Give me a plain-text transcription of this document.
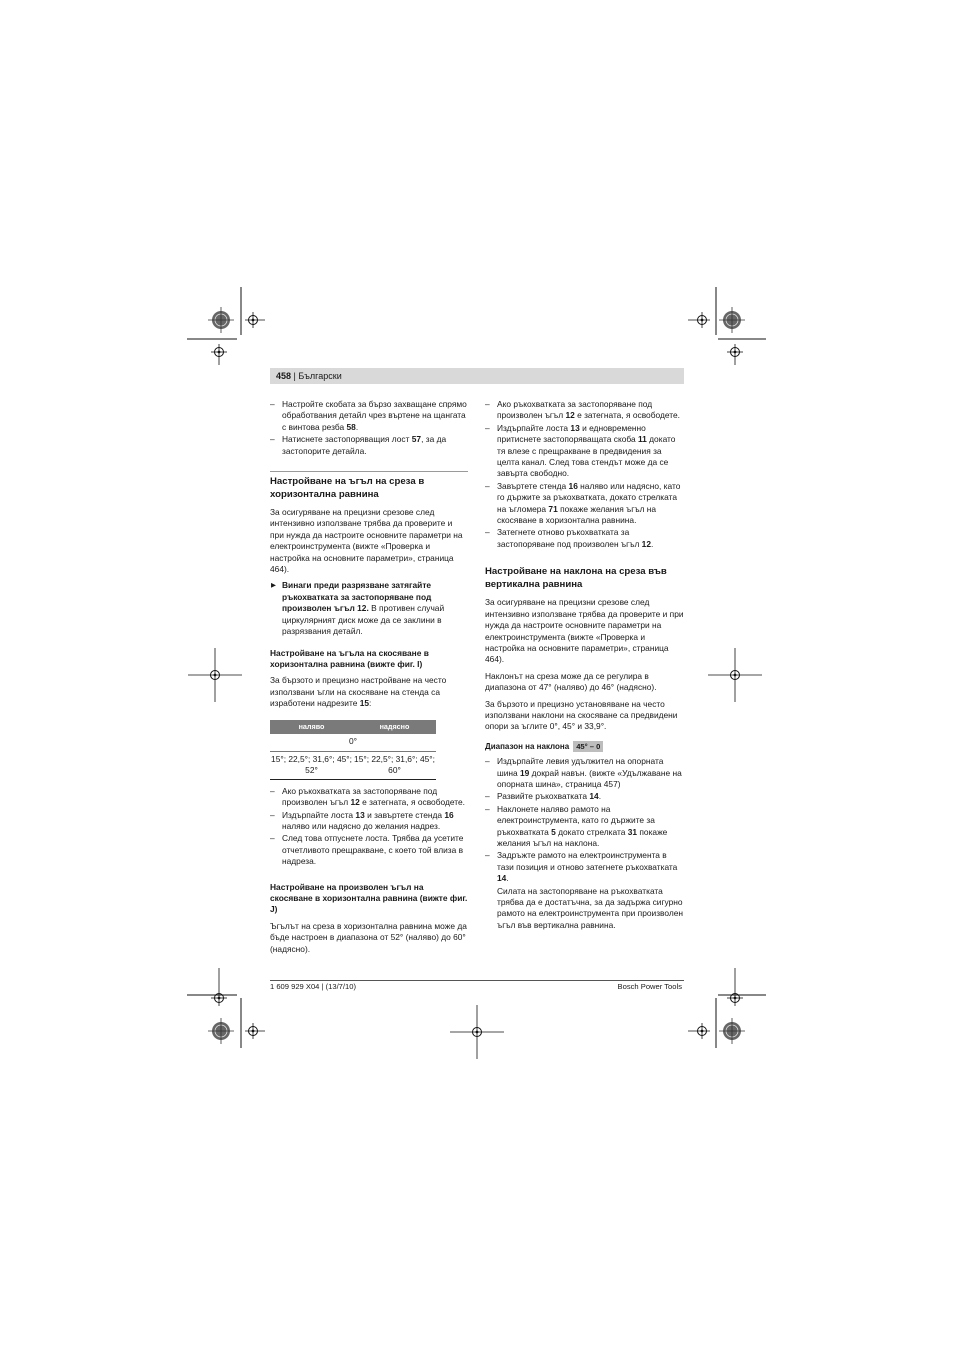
458 | Български
– Настройте скобата за бързо захващане спрямо обработвания детайл чрез въртене на щангата с винтова резба 58.
– Натиснете застопоряващия лост 57, за да застопорите детайла.
Настройване на ъгъл на среза в хоризонтална равнина

За осигуряване на прецизни срезове след интензивно използване трябва да проверите и при нужда да настроите основните параметри на електроинструмента (вижте «Проверка и настройка на основните параметри», страница 464).

▶ Винаги преди разрязване затягайте ръкохватката за застопоряване под произволен ъгъл 12. В противен случай циркулярният диск може да се заклини в разрязвания детайл.
Настройване на ъгъла на скосяване в хоризонтална равнина (вижте фиг. I)

За бързото и прецизно настройване на често използвани ъгли на скосяване на стенда са изработени надрезите 15:

наляво	надясно
0°
15°; 22,5°; 31,6°; 45°; 52°
15°; 22,5°; 31,6°; 45°; 60°
– Ако ръкохватката за застопоряване под произволен ъгъл 12 е затегната, я освободете.
– Издърпайте лоста 13 и завъртете стенда 16 наляво или надясно до желания надрез.
– След това отпуснете лоста. Трябва да усетите отчетливото прещракване, с което той влиза в надреза.
Настройване на произволен ъгъл на скосяване в хоризонтална равнина (вижте фиг. J)

Ъгълът на среза в хоризонтална равнина може да бъде настроен в диапазона от 52° (наляво) до 60° (надясно).

– Ако ръкохватката за застопоряване под произволен ъгъл 12 е затегната, я освободете.
– Издърпайте лоста 13 и едновременно притиснете застопоряващата скоба 11 докато тя влезе с прещракване в предвидения за целта канал. След това стендът може да се завърта свободно.
– Завъртете стенда 16 наляво или надясно, като го държите за ръкохватката, докато стрелката на ъгломера 71 покаже желания ъгъл на скосяване в хоризонтална равнина.
– Затегнете отново ръкохватката за застопоряване под произволен ъгъл 12.
Настройване на наклона на среза във вертикална равнина

За осигуряване на прецизни срезове след интензивно използване трябва да проверите и при нужда да настроите основните параметри на електроинструмента (вижте «Проверка и настройка на основните параметри», страница 464).

Наклонът на среза може да се регулира в диапазона от 47° (наляво) до 46° (надясно).

За бързото и прецизно установяване на често използвани наклони на скосяване са предвидени опори за ъглите 0°, 45° и 33,9°.

Диапазон на наклона 45° – 0
– Издърпайте левия удължител на опорната шина 19 докрай навън. (вижте «Удължаване на опорната шина», страница 457)
– Развийте ръкохватката 14.
– Наклонете наляво рамото на електроинструмента, като го държите за ръкохватката 5 докато стрелката 31 покаже желания ъгъл на наклона.
– Задръжте рамото на електроинструмента в тази позиция и отново затегнете ръкохватката 14.

Силата на застопоряване на ръкохватката трябва да е достатъчна, за да задържа сигурно рамото на електроинструмента при произволен ъгъл във вертикална равнина.

1 609 929 X04 | (13/7/10)	Bosch Power Tools
